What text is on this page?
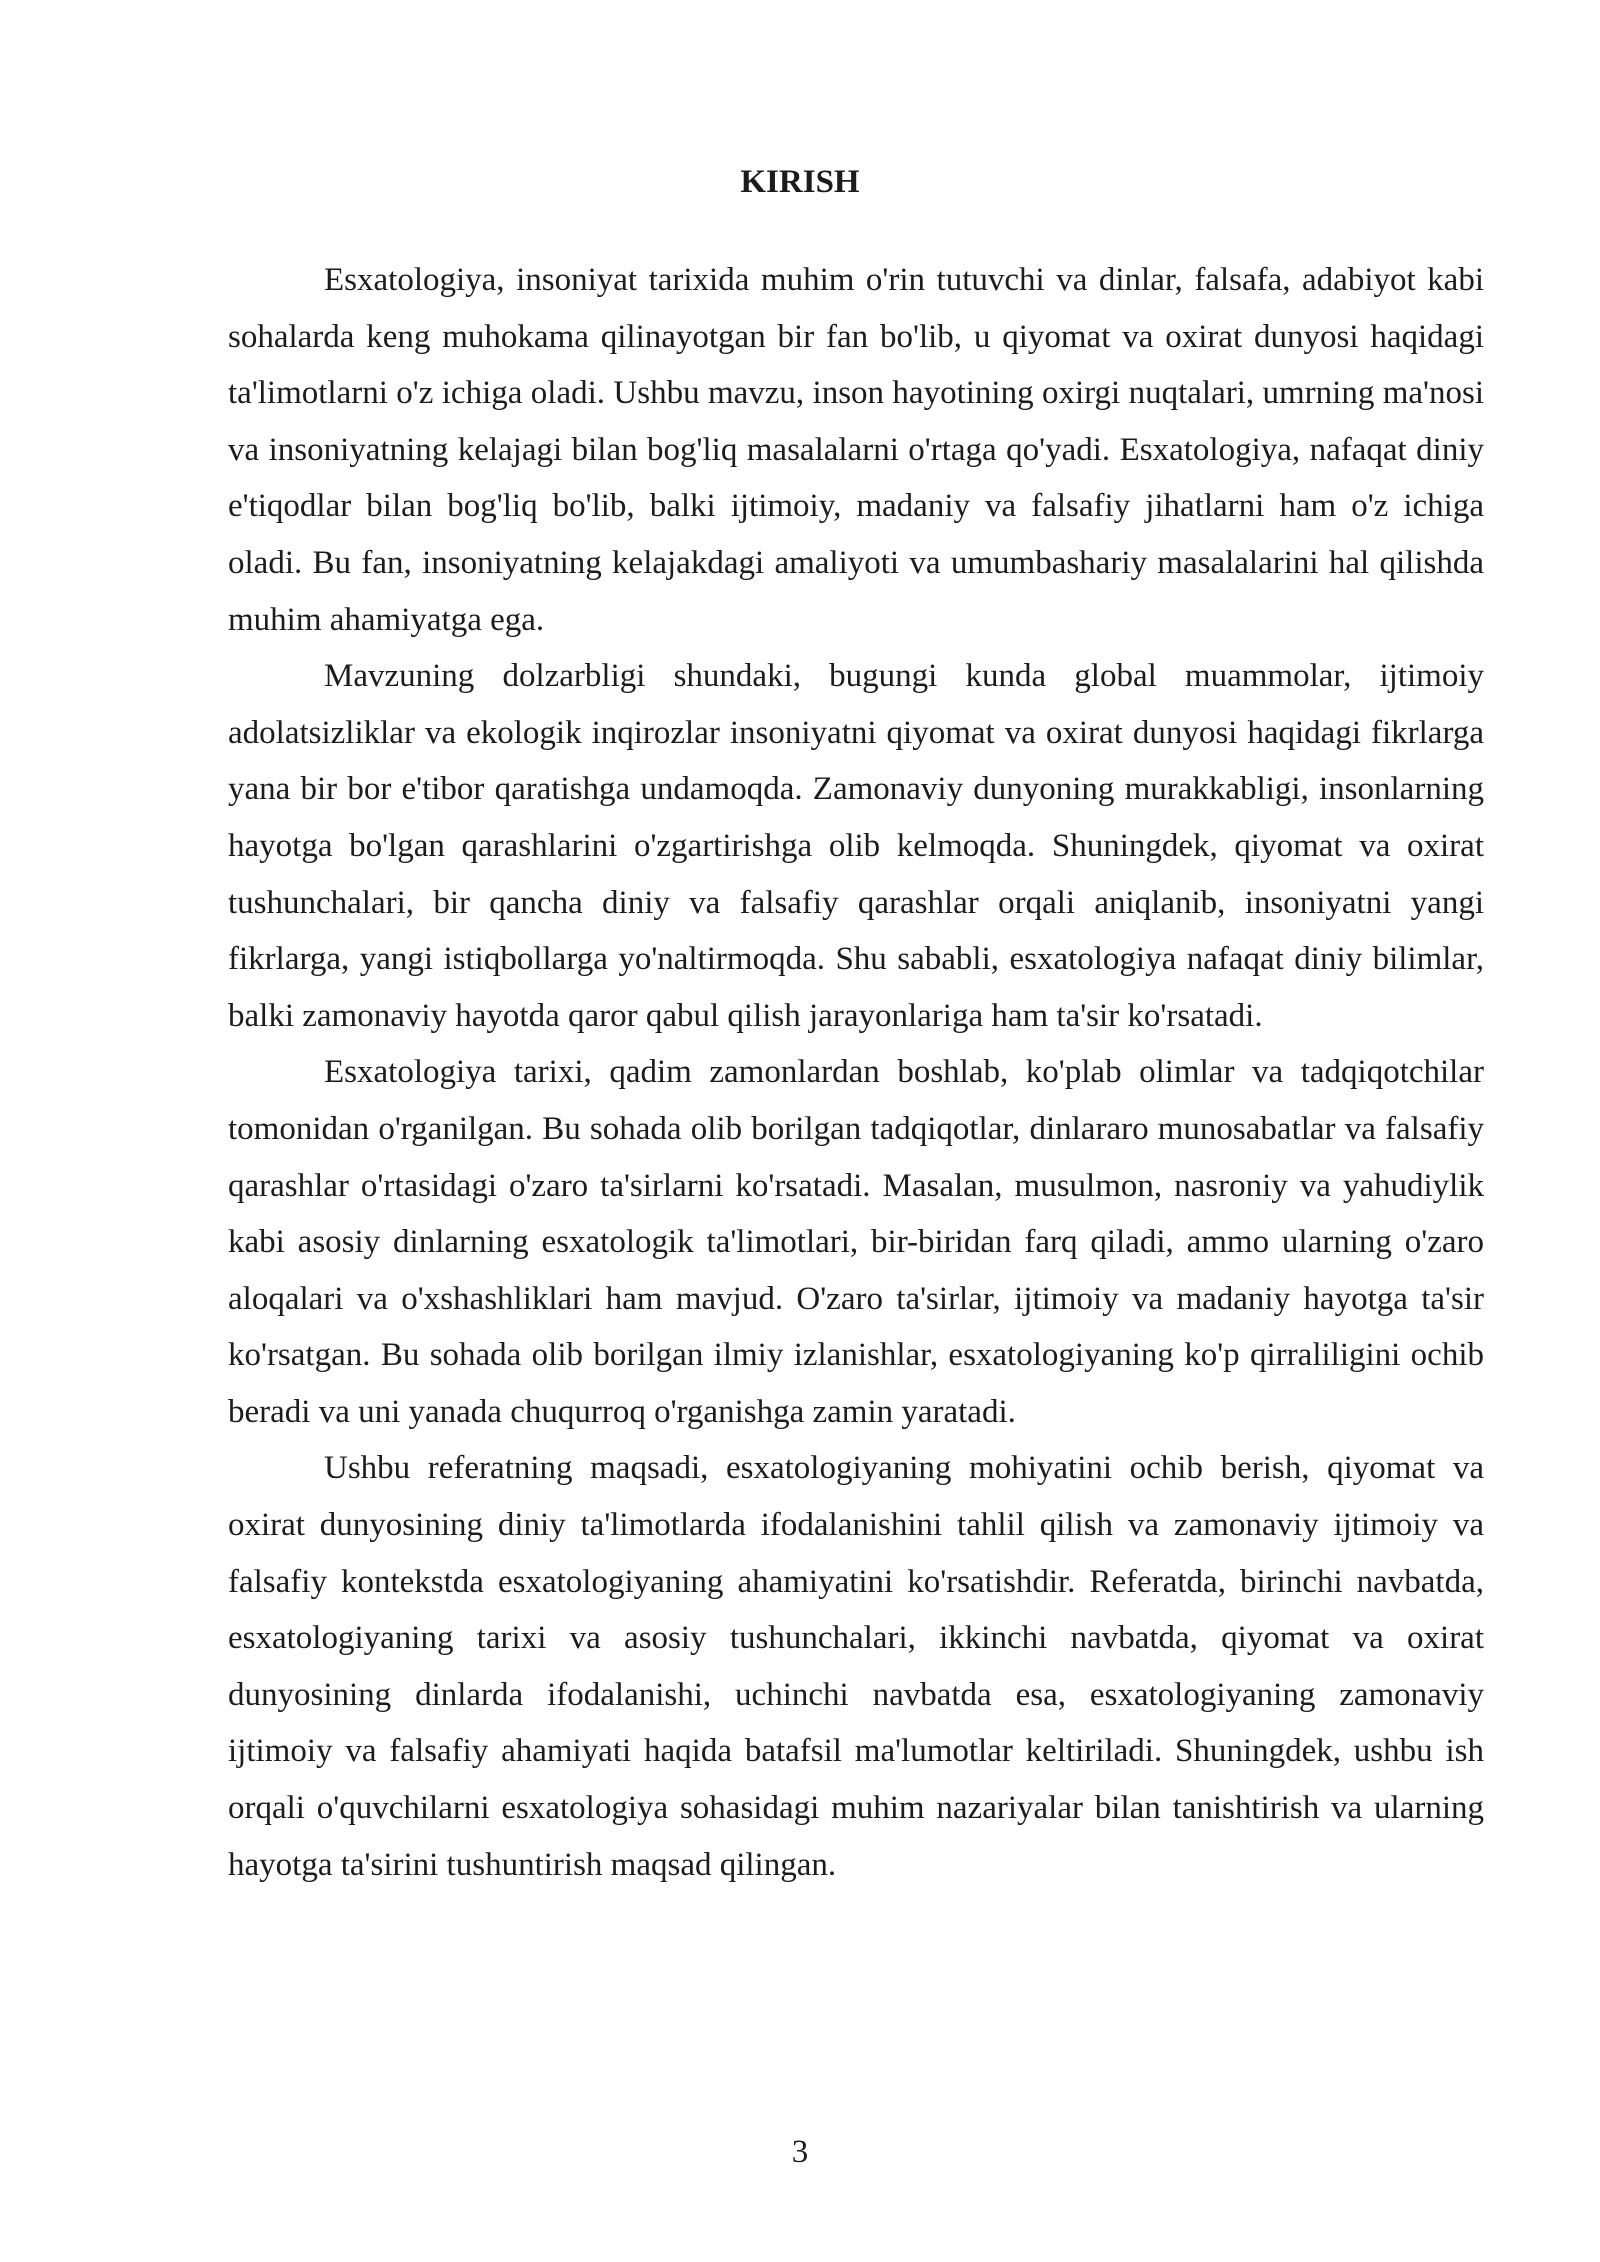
KIRISH

Esxatologiya, insoniyat tarixida muhim o'rin tutuvchi va dinlar, falsafa, adabiyot kabi sohalarda keng muhokama qilinayotgan bir fan bo'lib, u qiyomat va oxirat dunyosi haqidagi ta'limotlarni o'z ichiga oladi. Ushbu mavzu, inson hayotining oxirgi nuqtalari, umrning ma'nosi va insoniyatning kelajagi bilan bog'liq masalalarni o'rtaga qo'yadi. Esxatologiya, nafaqat diniy e'tiqodlar bilan bog'liq bo'lib, balki ijtimoiy, madaniy va falsafiy jihatlarni ham o'z ichiga oladi. Bu fan, insoniyatning kelajakdagi amaliyoti va umumbashariy masalalarini hal qilishda muhim ahamiyatga ega.

Mavzuning dolzarbligi shundaki, bugungi kunda global muammolar, ijtimoiy adolatsizliklar va ekologik inqirozlar insoniyatni qiyomat va oxirat dunyosi haqidagi fikrlarga yana bir bor e'tibor qaratishga undamoqda. Zamonaviy dunyoning murakkabligi, insonlarning hayotga bo'lgan qarashlarini o'zgartirishga olib kelmoqda. Shuningdek, qiyomat va oxirat tushunchalari, bir qancha diniy va falsafiy qarashlar orqali aniqlanib, insoniyatni yangi fikrlarga, yangi istiqbollarga yo'naltirmoqda. Shu sababli, esxatologiya nafaqat diniy bilimlar, balki zamonaviy hayotda qaror qabul qilish jarayonlariga ham ta'sir ko'rsatadi.

Esxatologiya tarixi, qadim zamonlardan boshlab, ko'plab olimlar va tadqiqotchilar tomonidan o'rganilgan. Bu sohada olib borilgan tadqiqotlar, dinlararo munosabatlar va falsafiy qarashlar o'rtasidagi o'zaro ta'sirlarni ko'rsatadi. Masalan, musulmon, nasroniy va yahudiylik kabi asosiy dinlarning esxatologik ta'limotlari, bir-biridan farq qiladi, ammo ularning o'zaro aloqalari va o'xshashliklari ham mavjud. O'zaro ta'sirlar, ijtimoiy va madaniy hayotga ta'sir ko'rsatgan. Bu sohada olib borilgan ilmiy izlanishlar, esxatologiyaning ko'p qirraliligini ochib beradi va uni yanada chuqurroq o'rganishga zamin yaratadi.

Ushbu referatning maqsadi, esxatologiyaning mohiyatini ochib berish, qiyomat va oxirat dunyosining diniy ta'limotlarda ifodalanishini tahlil qilish va zamonaviy ijtimoiy va falsafiy kontekstda esxatologiyaning ahamiyatini ko'rsatishdir. Referatda, birinchi navbatda, esxatologiyaning tarixi va asosiy tushunchalari, ikkinchi navbatda, qiyomat va oxirat dunyosining dinlarda ifodalanishi, uchinchi navbatda esa, esxatologiyaning zamonaviy ijtimoiy va falsafiy ahamiyati haqida batafsil ma'lumotlar keltiriladi. Shuningdek, ushbu ish orqali o'quvchilarni esxatologiya sohasidagi muhim nazariyalar bilan tanishtirish va ularning hayotga ta'sirini tushuntirish maqsad qilingan.

3
